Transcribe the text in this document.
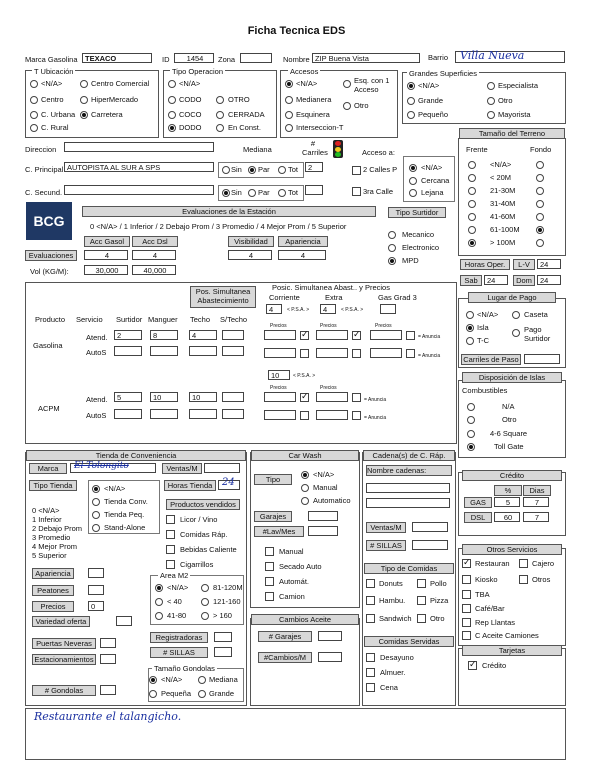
Ficha Tecnica EDS
Marca Gasolina TEXACO	ID	1454	Zona	Nombre ZIP Buena Vista	Barrio Villa Nueva
T Ubicación
<N/A>	Centro Comercial
Centro	HiperMercado
C. Urbana Carretera
C. Rural
Tipo Operacion
<N/A>
CODO	OTRO
COCO	CERRADA
DODO	En Const.
Accesos
<N/A>	Esq. con 1 Acceso
Medianera
Otro
Esquinera
Interseccion-T
Grandes Superficies
<N/A>	Especialista
Grande	Otro
Pequeño	Mayorista
Direccion	Mediana
# Carriles	Acceso a:
C. Principal AUTOPISTA AL SUR A SPS
C. Secund.
Sin Par Tot
Sin Par Tot
2	2 Calles P
3ra Calle
<N/A>
Cercana
Lejana
Tamaño del Terreno
Frente	Fondo
<N/A>
< 20M
21-30M
31-40M
41-60M
61-100M
> 100M
Evaluaciones de la Estación
0 <N/A> / 1 Inferior / 2 Debajo Prom / 3 Promedio / 4 Mejor Prom / 5 Superior
BCG
Acc Gasol	Acc Dsl	Visibilidad	Apariencia
Evaluaciones
Vol (KG/M):
4	4	4	4
30,000	40,000
Tipo Surtidor
Mecanico
Electronico
MPD	Horas Oper.	L-V	24
Sab	24	Dom	24
Pos. Simultanea Abastecimiento
Posic. Simultanea Abast.. y Precios
Corriente	Extra	Gas Grad 3
4	< P.S.A. >	4	< P.S.A. >
Producto Servicio Surtidor Manguer Techo S/Techo
Gasolina
Atend.
AutoS
2	8	4
Precios	Precios	Precios
✓
✓
= Anuncia
= Anuncia
10	< P.S.A. >
Precios	Precios
ACPM
Atend.
AutoS
5	10	10
✓	= Anuncia
= Anuncia
Lugar de Pago
<N/A>	Caseta
Isla	Pago Surtidor
T-C
Carriles de Paso
Disposición de Islas
Combustibles
N/A
Otro
4-6 Square
Toll Gate
Tienda de Conveniencia
Marca	El Tolongito	Ventas/M
Tipo Tienda	<N/A>
Tienda Conv.
Tienda Peq.
Stand-Alone
Horas Tienda 24
0 <N/A>
1 Inferior
2 Debajo Prom
3 Promedio
4 Mejor Prom
5 Superior
Productos vendidos
Licor / Vino
Comidas Ráp.
Bebidas Caliente
Cigarrillos
Apariencia
Peatones
Precios	0
Variedad oferta
Area M2
<N/A>	81-120M
< 40	121-160
41-80	> 160
Puertas Neveras
Estacionamientos
Registradoras
# SILLAS
Tamaño Gondolas
<N/A>	Mediana
Pequeña Grande
# Gondolas
Car Wash
Tipo
<N/A>
Manual
Automatico
Garajes
#Lav/Mes
Manual
Secado Auto
Automát.
Camion
Cambios Aceite
# Garajes
#Cambios/M
Cadena(s) de C. Ráp.
Nombre cadenas:
Ventas/M
# SILLAS
Tipo de Comidas
Donuts	Pollo
Hambu.	Pizza
Sandwich Otro
Comidas Servidas
Desayuno
Almuer.
Cena
Crédito
%	Dias
GAS	5	7
DSL	60	7
Otros Servicios
✓
Restauran	Cajero
Kiosko	Otros
TBA
Café/Bar
Rep Llantas
C Aceite Camiones
Tarjetas
✓
Crédito
Restaurante el talangicho.
